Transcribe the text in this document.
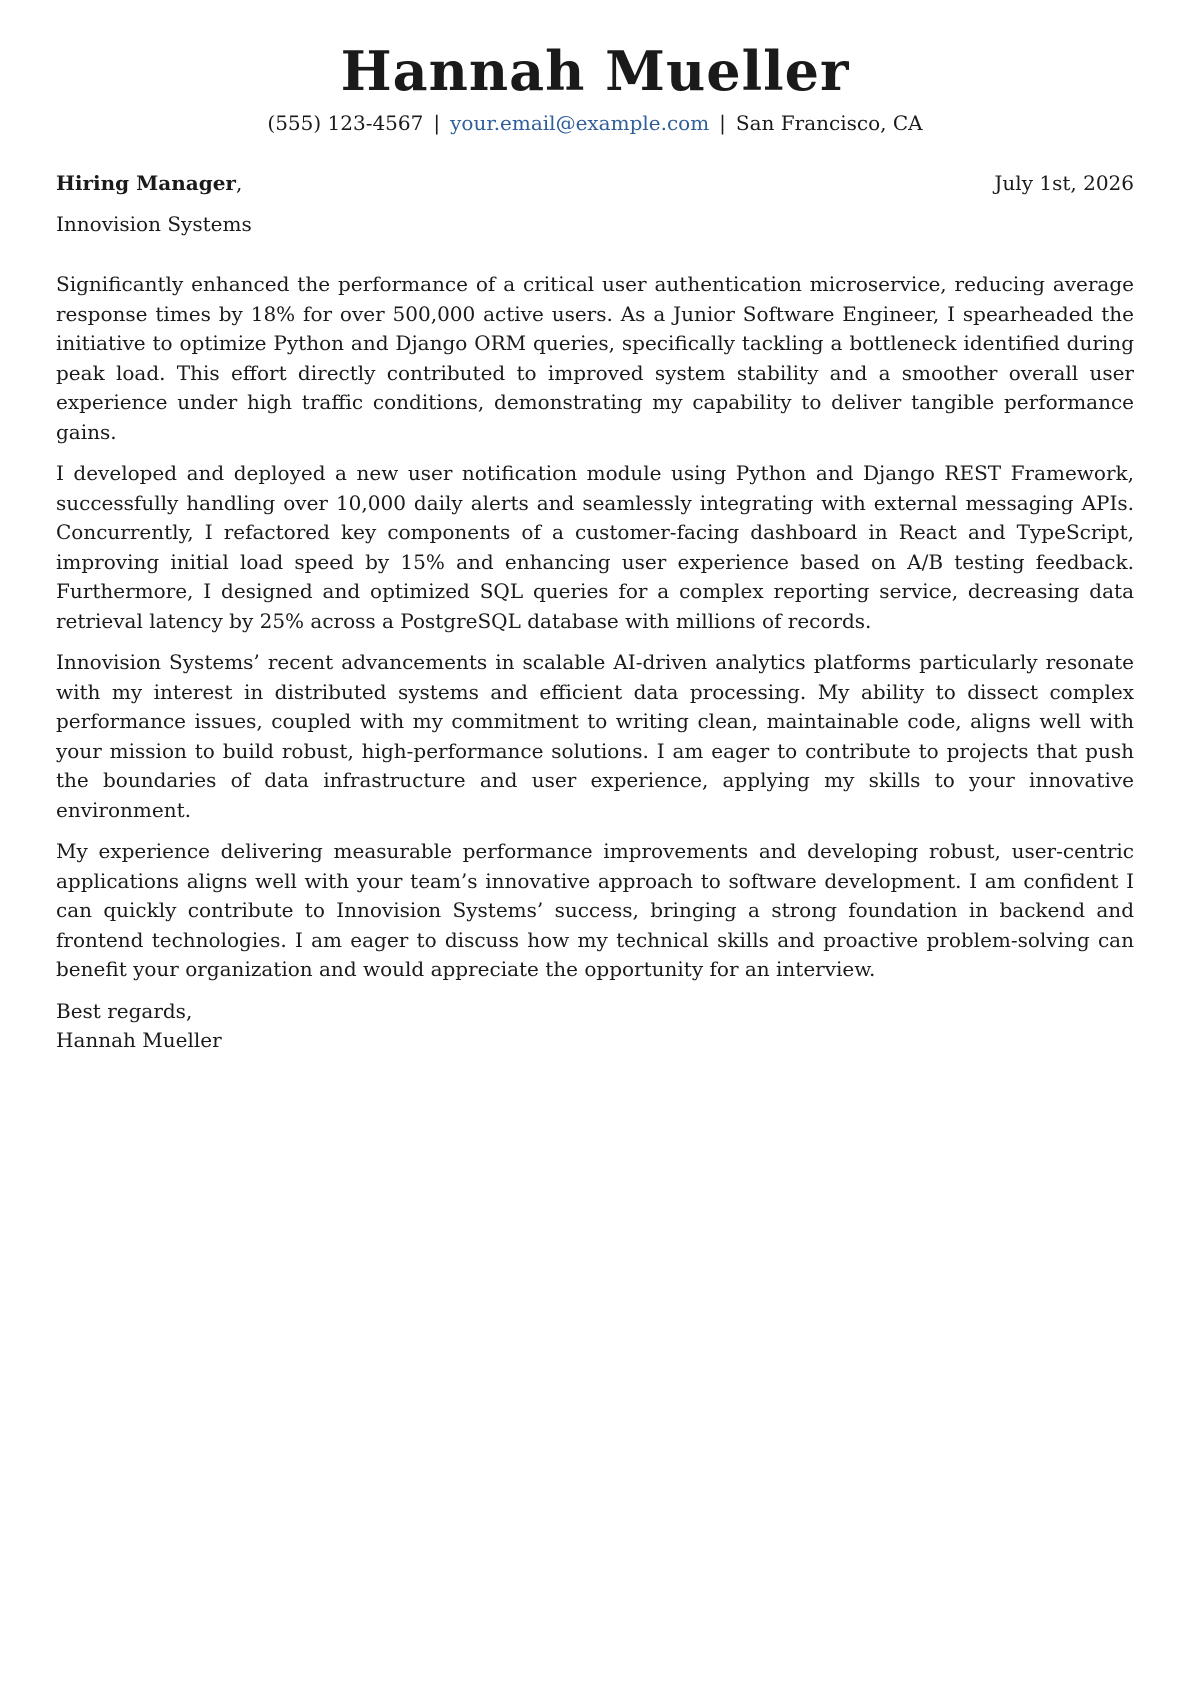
Hannah Mueller
(555) 123-4567 | your.email@example.com | San Francisco, CA
Hiring Manager,	July 1st, 2026
Innovision Systems

Significantly enhanced the performance of a critical user authentication microservice, reducing average response times by 18% for over 500,000 active users. As a Junior Software Engineer, I spearheaded the initiative to optimize Python and Django ORM queries, specifically tackling a bottleneck identified during peak load. This effort directly contributed to improved system stability and a smoother overall user experience under high traffic conditions, demonstrating my capability to deliver tangible performance gains.

I developed and deployed a new user notification module using Python and Django REST Framework, successfully handling over 10,000 daily alerts and seamlessly integrating with external messaging APIs. Concurrently, I refactored key components of a customer-facing dashboard in React and TypeScript, improving initial load speed by 15% and enhancing user experience based on A/B testing feedback. Furthermore, I designed and optimized SQL queries for a complex reporting service, decreasing data retrieval latency by 25% across a PostgreSQL database with millions of records.

Innovision Systems’ recent advancements in scalable AI-driven analytics platforms particularly resonate with my interest in distributed systems and efficient data processing. My ability to dissect complex performance issues, coupled with my commitment to writing clean, maintainable code, aligns well with your mission to build robust, high-performance solutions. I am eager to contribute to projects that push the boundaries of data infrastructure and user experience, applying my skills to your innovative environment.

My experience delivering measurable performance improvements and developing robust, user-centric applications aligns well with your team’s innovative approach to software development. I am confident I can quickly contribute to Innovision Systems’ success, bringing a strong foundation in backend and frontend technologies. I am eager to discuss how my technical skills and proactive problem-solving can benefit your organization and would appreciate the opportunity for an interview.

Best regards,
Hannah Mueller
